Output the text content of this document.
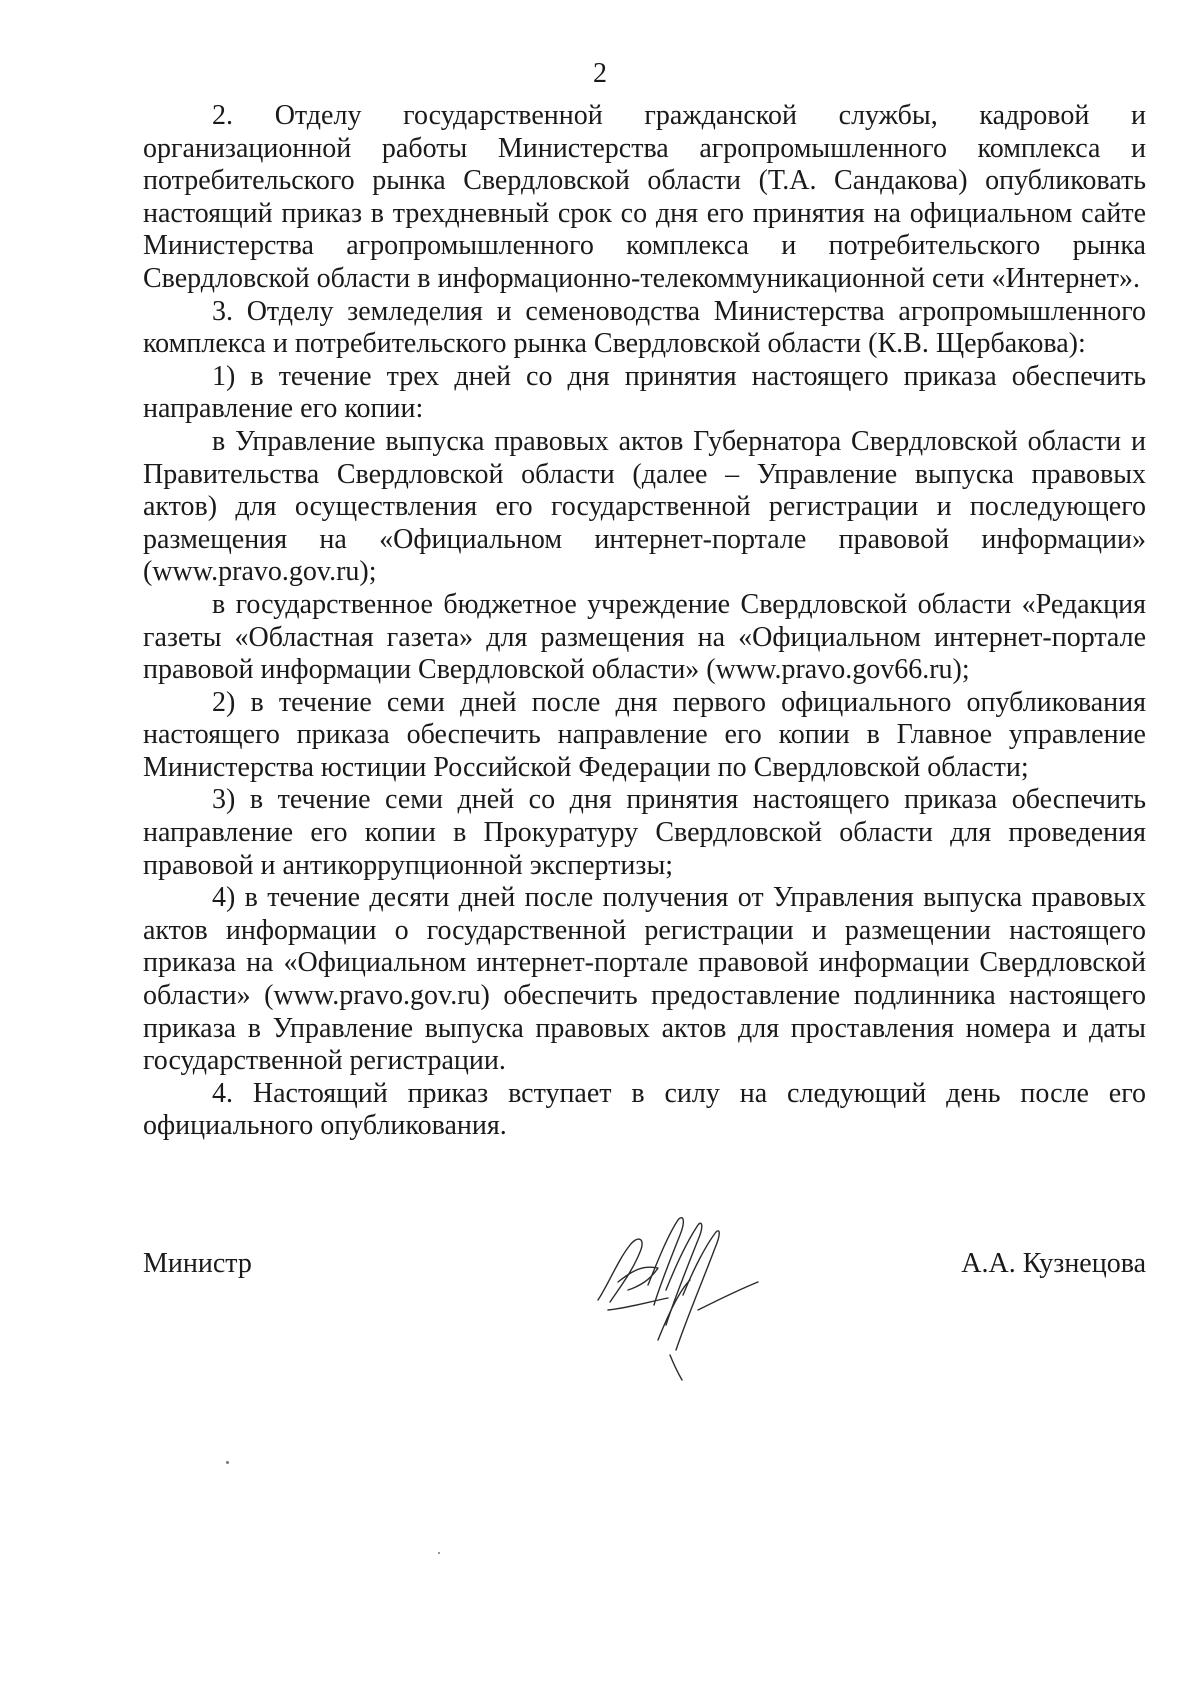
2

2. Отделу государственной гражданской службы, кадровой и организационной работы Министерства агропромышленного комплекса и потребительского рынка Свердловской области (Т.А. Сандакова) опубликовать настоящий приказ в трехдневный срок со дня его принятия на официальном сайте Министерства агропромышленного комплекса и потребительского рынка Свердловской области в информационно-телекоммуникационной сети «Интернет».

3. Отделу земледелия и семеноводства Министерства агропромышленного комплекса и потребительского рынка Свердловской области (К.В. Щербакова):

1) в течение трех дней со дня принятия настоящего приказа обеспечить направление его копии:

в Управление выпуска правовых актов Губернатора Свердловской области и Правительства Свердловской области (далее – Управление выпуска правовых актов) для осуществления его государственной регистрации и последующего размещения на «Официальном интернет-портале правовой информации» (www.pravo.gov.ru);

в государственное бюджетное учреждение Свердловской области «Редакция газеты «Областная газета» для размещения на «Официальном интернет-портале правовой информации Свердловской области» (www.pravo.gov66.ru);

2) в течение семи дней после дня первого официального опубликования настоящего приказа обеспечить направление его копии в Главное управление Министерства юстиции Российской Федерации по Свердловской области;

3) в течение семи дней со дня принятия настоящего приказа обеспечить направление его копии в Прокуратуру Свердловской области для проведения правовой и антикоррупционной экспертизы;

4) в течение десяти дней после получения от Управления выпуска правовых актов информации о государственной регистрации и размещении настоящего приказа на «Официальном интернет-портале правовой информации Свердловской области» (www.pravo.gov.ru) обеспечить предоставление подлинника настоящего приказа в Управление выпуска правовых актов для проставления номера и даты государственной регистрации.

4. Настоящий приказ вступает в силу на следующий день после его официального опубликования.

Министр	А.А. Кузнецова
